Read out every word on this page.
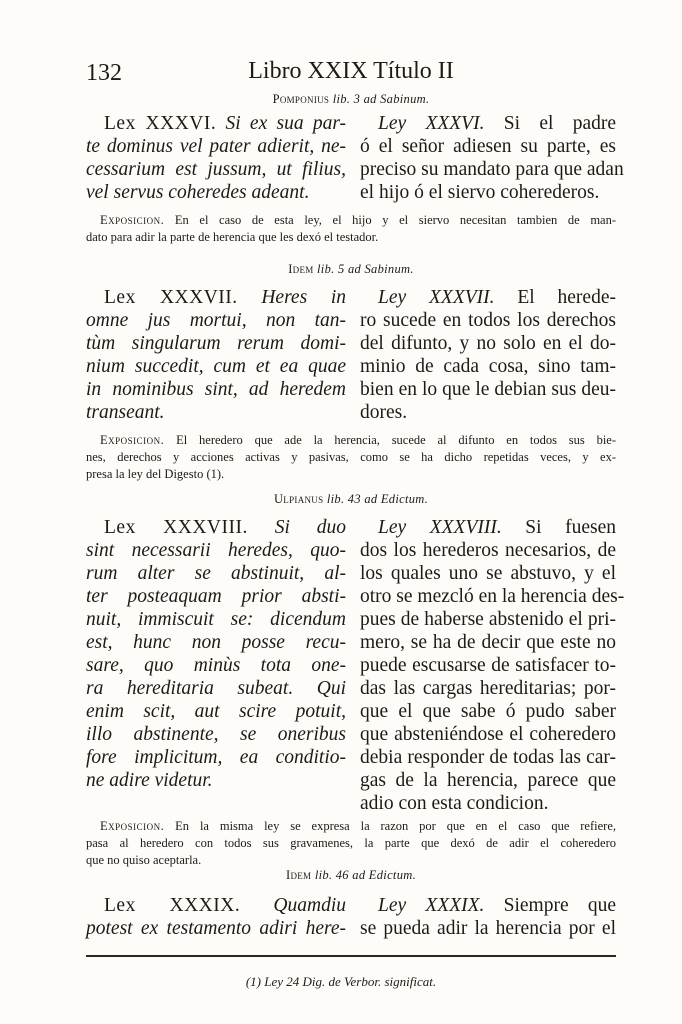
132	Libro XXIX Título II
Pomponius lib. 3 ad Sabinum.
Lex XXXVI. Si ex sua par-
te dominus vel pater adierit, ne-
cessarium est jussum, ut filius,
vel servus coheredes adeant.
Ley XXXVI. Si el padre
ó el señor adiesen su parte, es
preciso su mandato para que adan
el hijo ó el siervo coherederos.
Exposicion. En el caso de esta ley, el hijo y el siervo necesitan tambien de man-
dato para adir la parte de herencia que les dexó el testador.
Idem lib. 5 ad Sabinum.
Lex XXXVII. Heres in
omne jus mortui, non tan-
tùm singularum rerum domi-
nium succedit, cum et ea quae
in nominibus sint, ad heredem
transeant.
Ley XXXVII. El herede-
ro sucede en todos los derechos
del difunto, y no solo en el do-
minio de cada cosa, sino tam-
bien en lo que le debian sus deu-
dores.
Exposicion. El heredero que ade la herencia, sucede al difunto en todos sus bie-
nes, derechos y acciones activas y pasivas, como se ha dicho repetidas veces, y ex-
presa la ley del Digesto (1).
Ulpianus lib. 43 ad Edictum.
Lex XXXVIII. Si duo
sint necessarii heredes, quo-
rum alter se abstinuit, al-
ter posteaquam prior absti-
nuit, immiscuit se: dicendum
est, hunc non posse recu-
sare, quo minùs tota one-
ra hereditaria subeat. Qui
enim scit, aut scire potuit,
illo abstinente, se oneribus
fore implicitum, ea conditio-
ne adire videtur.
Ley XXXVIII. Si fuesen
dos los herederos necesarios, de
los quales uno se abstuvo, y el
otro se mezcló en la herencia des-
pues de haberse abstenido el pri-
mero, se ha de decir que este no
puede escusarse de satisfacer to-
das las cargas hereditarias; por-
que el que sabe ó pudo saber
que absteniéndose el coheredero
debia responder de todas las car-
gas de la herencia, parece que
adio con esta condicion.
Exposicion. En la misma ley se expresa la razon por que en el caso que refiere,
pasa al heredero con todos sus gravamenes, la parte que dexó de adir el coheredero
que no quiso aceptarla.
Idem lib. 46 ad Edictum.
Lex XXXIX. Quamdiu
potest ex testamento adiri here-
Ley XXXIX. Siempre que
se pueda adir la herencia por el
(1) Ley 24 Dig. de Verbor. significat.
